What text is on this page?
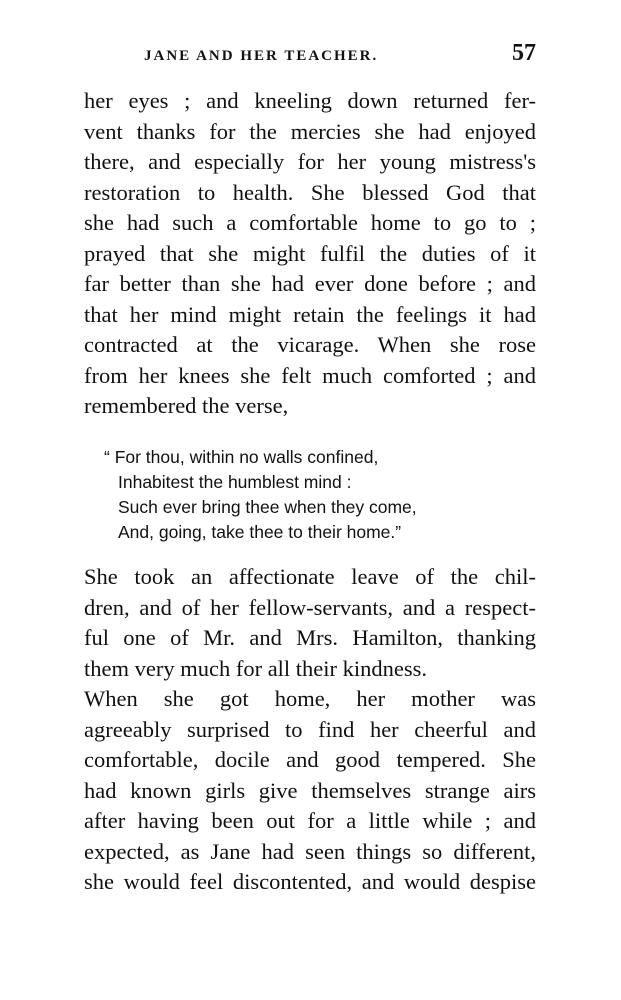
JANE AND HER TEACHER.	57
her eyes ; and kneeling down returned fer-
vent thanks for the mercies she had enjoyed
there, and especially for her young mistress's
restoration to health. She blessed God that
she had such a comfortable home to go to ;
prayed that she might fulfil the duties of it
far better than she had ever done before ; and
that her mind might retain the feelings it had
contracted at the vicarage. When she rose
from her knees she felt much comforted ; and
remembered the verse,
“ For thou, within no walls confined,
Inhabitest the humblest mind :
Such ever bring thee when they come,
And, going, take thee to their home.”
She took an affectionate leave of the chil-
dren, and of her fellow-servants, and a respect-
ful one of Mr. and Mrs. Hamilton, thanking
them very much for all their kindness.
When she got home, her mother was
agreeably surprised to find her cheerful and
comfortable, docile and good tempered. She
had known girls give themselves strange airs
after having been out for a little while ; and
expected, as Jane had seen things so different,
she would feel discontented, and would despise
